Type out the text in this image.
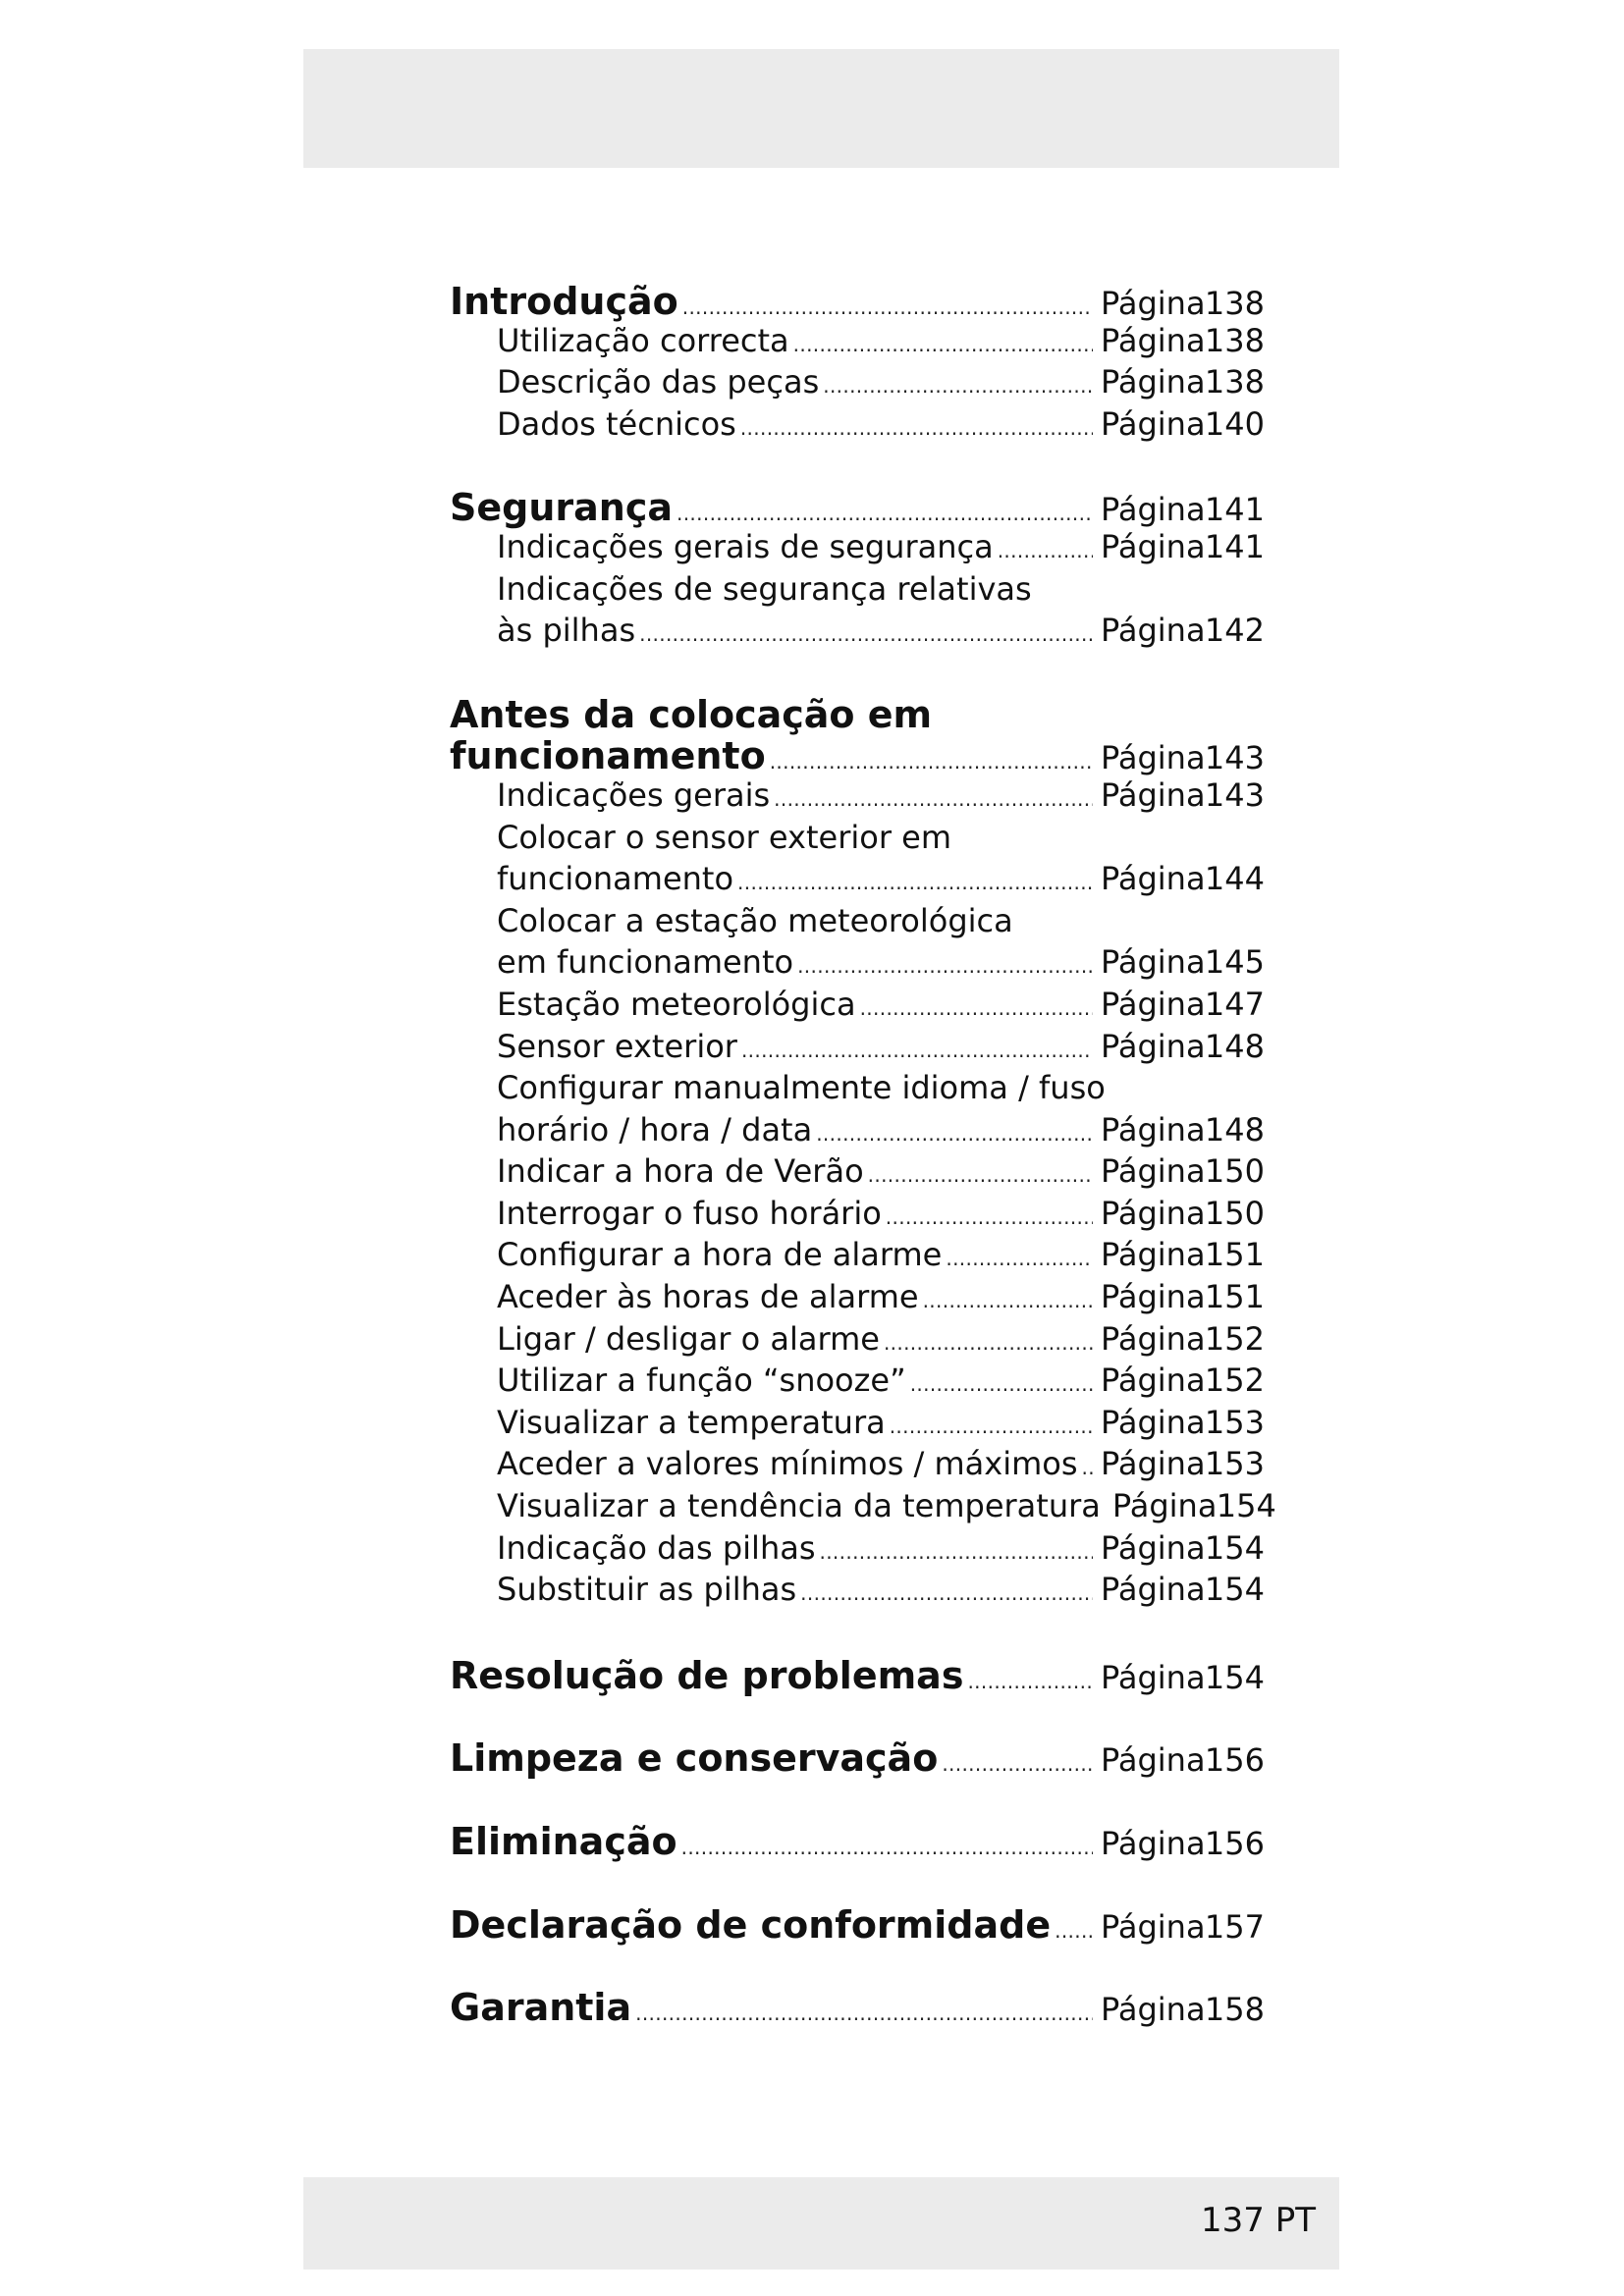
Introdução . . .	Página 138
Utilização correcta . . .	Página 138
Descrição das peças . . .	Página 138
Dados técnicos . . .	Página 140
Segurança . . .	Página 141
Indicações gerais de segurança . . .	Página 141
Indicações de segurança relativas
às pilhas . . .	Página 142
Antes da colocação em
funcionamento . . .	Página 143
Indicações gerais . . .	Página 143
Colocar o sensor exterior em
funcionamento . . .	Página 144
Colocar a estação meteorológica
em funcionamento . . .	Página 145
Estação meteorológica . . .	Página 147
Sensor exterior . . .	Página 148
Configurar manualmente idioma / fuso
horário / hora / data . . .	Página 148
Indicar a hora de Verão . . .	Página 150
Interrogar o fuso horário . . .	Página 150
Configurar a hora de alarme . . .	Página 151
Aceder às horas de alarme . . .	Página 151
Ligar / desligar o alarme . . .	Página 152
Utilizar a função “snooze” . . .	Página 152
Visualizar a temperatura . . .	Página 153
Aceder a valores mínimos / máximos . . . Página 153
Visualizar a tendência da temperatura Página 154
Indicação das pilhas . . .	Página 154
Substituir as pilhas . . .	Página 154
Resolução de problemas . . .	Página 154
Limpeza e conservação . . .	Página 156
Eliminação . . .	Página 156
Declaração de conformidade . . . Página 157
Garantia . . .	Página 158
137 PT
